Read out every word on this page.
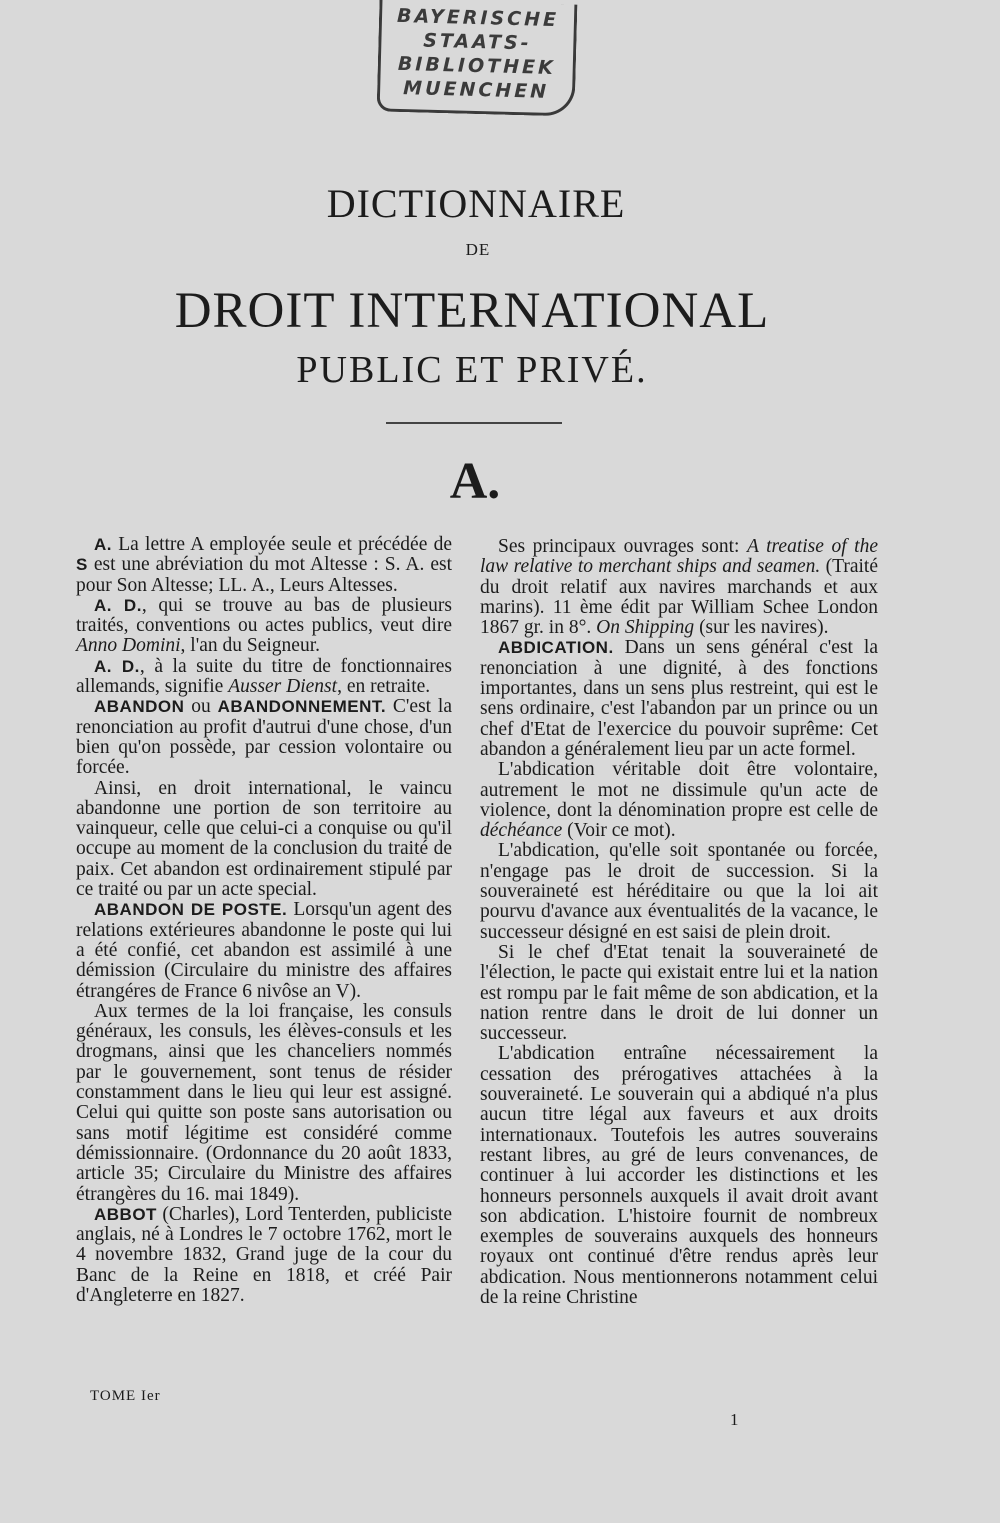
BAYERISCHE
STAATS-
BIBLIOTHEK
MUENCHEN
DICTIONNAIRE
DE
DROIT INTERNATIONAL
PUBLIC ET PRIVÉ.
A.

A. La lettre A employée seule et précédée de S est une abréviation du mot Altesse : S. A. est pour Son Altesse; LL. A., Leurs Altesses.

A. D., qui se trouve au bas de plusieurs traités, conventions ou actes publics, veut dire Anno Domini, l'an du Seigneur.

A. D., à la suite du titre de fonctionnaires allemands, signifie Ausser Dienst, en retraite.

ABANDON ou ABANDONNEMENT. C'est la renonciation au profit d'autrui d'une chose, d'un bien qu'on possède, par cession volontaire ou forcée.

Ainsi, en droit international, le vaincu abandonne une portion de son territoire au vainqueur, celle que celui-ci a conquise ou qu'il occupe au moment de la conclusion du traité de paix. Cet abandon est ordinairement stipulé par ce traité ou par un acte special.

ABANDON DE POSTE. Lorsqu'un agent des relations extérieures abandonne le poste qui lui a été confié, cet abandon est assimilé à une démission (Circulaire du ministre des affaires étrangéres de France 6 nivôse an V).

Aux termes de la loi française, les consuls généraux, les consuls, les élèves-consuls et les drogmans, ainsi que les chanceliers nommés par le gouvernement, sont tenus de résider constamment dans le lieu qui leur est assigné. Celui qui quitte son poste sans autorisation ou sans motif légitime est considéré comme démissionnaire. (Ordonnance du 20 août 1833, article 35; Circulaire du Ministre des affaires étrangères du 16. mai 1849).

ABBOT (Charles), Lord Tenterden, publiciste anglais, né à Londres le 7 octobre 1762, mort le 4 novembre 1832, Grand juge de la cour du Banc de la Reine en 1818, et créé Pair d'Angleterre en 1827.

Ses principaux ouvrages sont: A treatise of the law relative to merchant ships and seamen. (Traité du droit relatif aux navires marchands et aux marins). 11 ème édit par William Schee London 1867 gr. in 8°. On Shipping (sur les navires).

ABDICATION. Dans un sens général c'est la renonciation à une dignité, à des fonctions importantes, dans un sens plus restreint, qui est le sens ordinaire, c'est l'abandon par un prince ou un chef d'Etat de l'exercice du pouvoir suprême: Cet abandon a généralement lieu par un acte formel.

L'abdication véritable doit être volontaire, autrement le mot ne dissimule qu'un acte de violence, dont la dénomination propre est celle de déchéance (Voir ce mot).

L'abdication, qu'elle soit spontanée ou forcée, n'engage pas le droit de succession. Si la souveraineté est héréditaire ou que la loi ait pourvu d'avance aux éventualités de la vacance, le successeur désigné en est saisi de plein droit.

Si le chef d'Etat tenait la souveraineté de l'élection, le pacte qui existait entre lui et la nation est rompu par le fait même de son abdication, et la nation rentre dans le droit de lui donner un successeur.

L'abdication entraîne nécessairement la cessation des prérogatives attachées à la souveraineté. Le souverain qui a abdiqué n'a plus aucun titre légal aux faveurs et aux droits internationaux. Toutefois les autres souverains restant libres, au gré de leurs convenances, de continuer à lui accorder les distinctions et les honneurs personnels auxquels il avait droit avant son abdication. L'histoire fournit de nombreux exemples de souverains auxquels des honneurs royaux ont continué d'être rendus après leur abdication. Nous mentionnerons notamment celui de la reine Christine

TOME Ier
1
